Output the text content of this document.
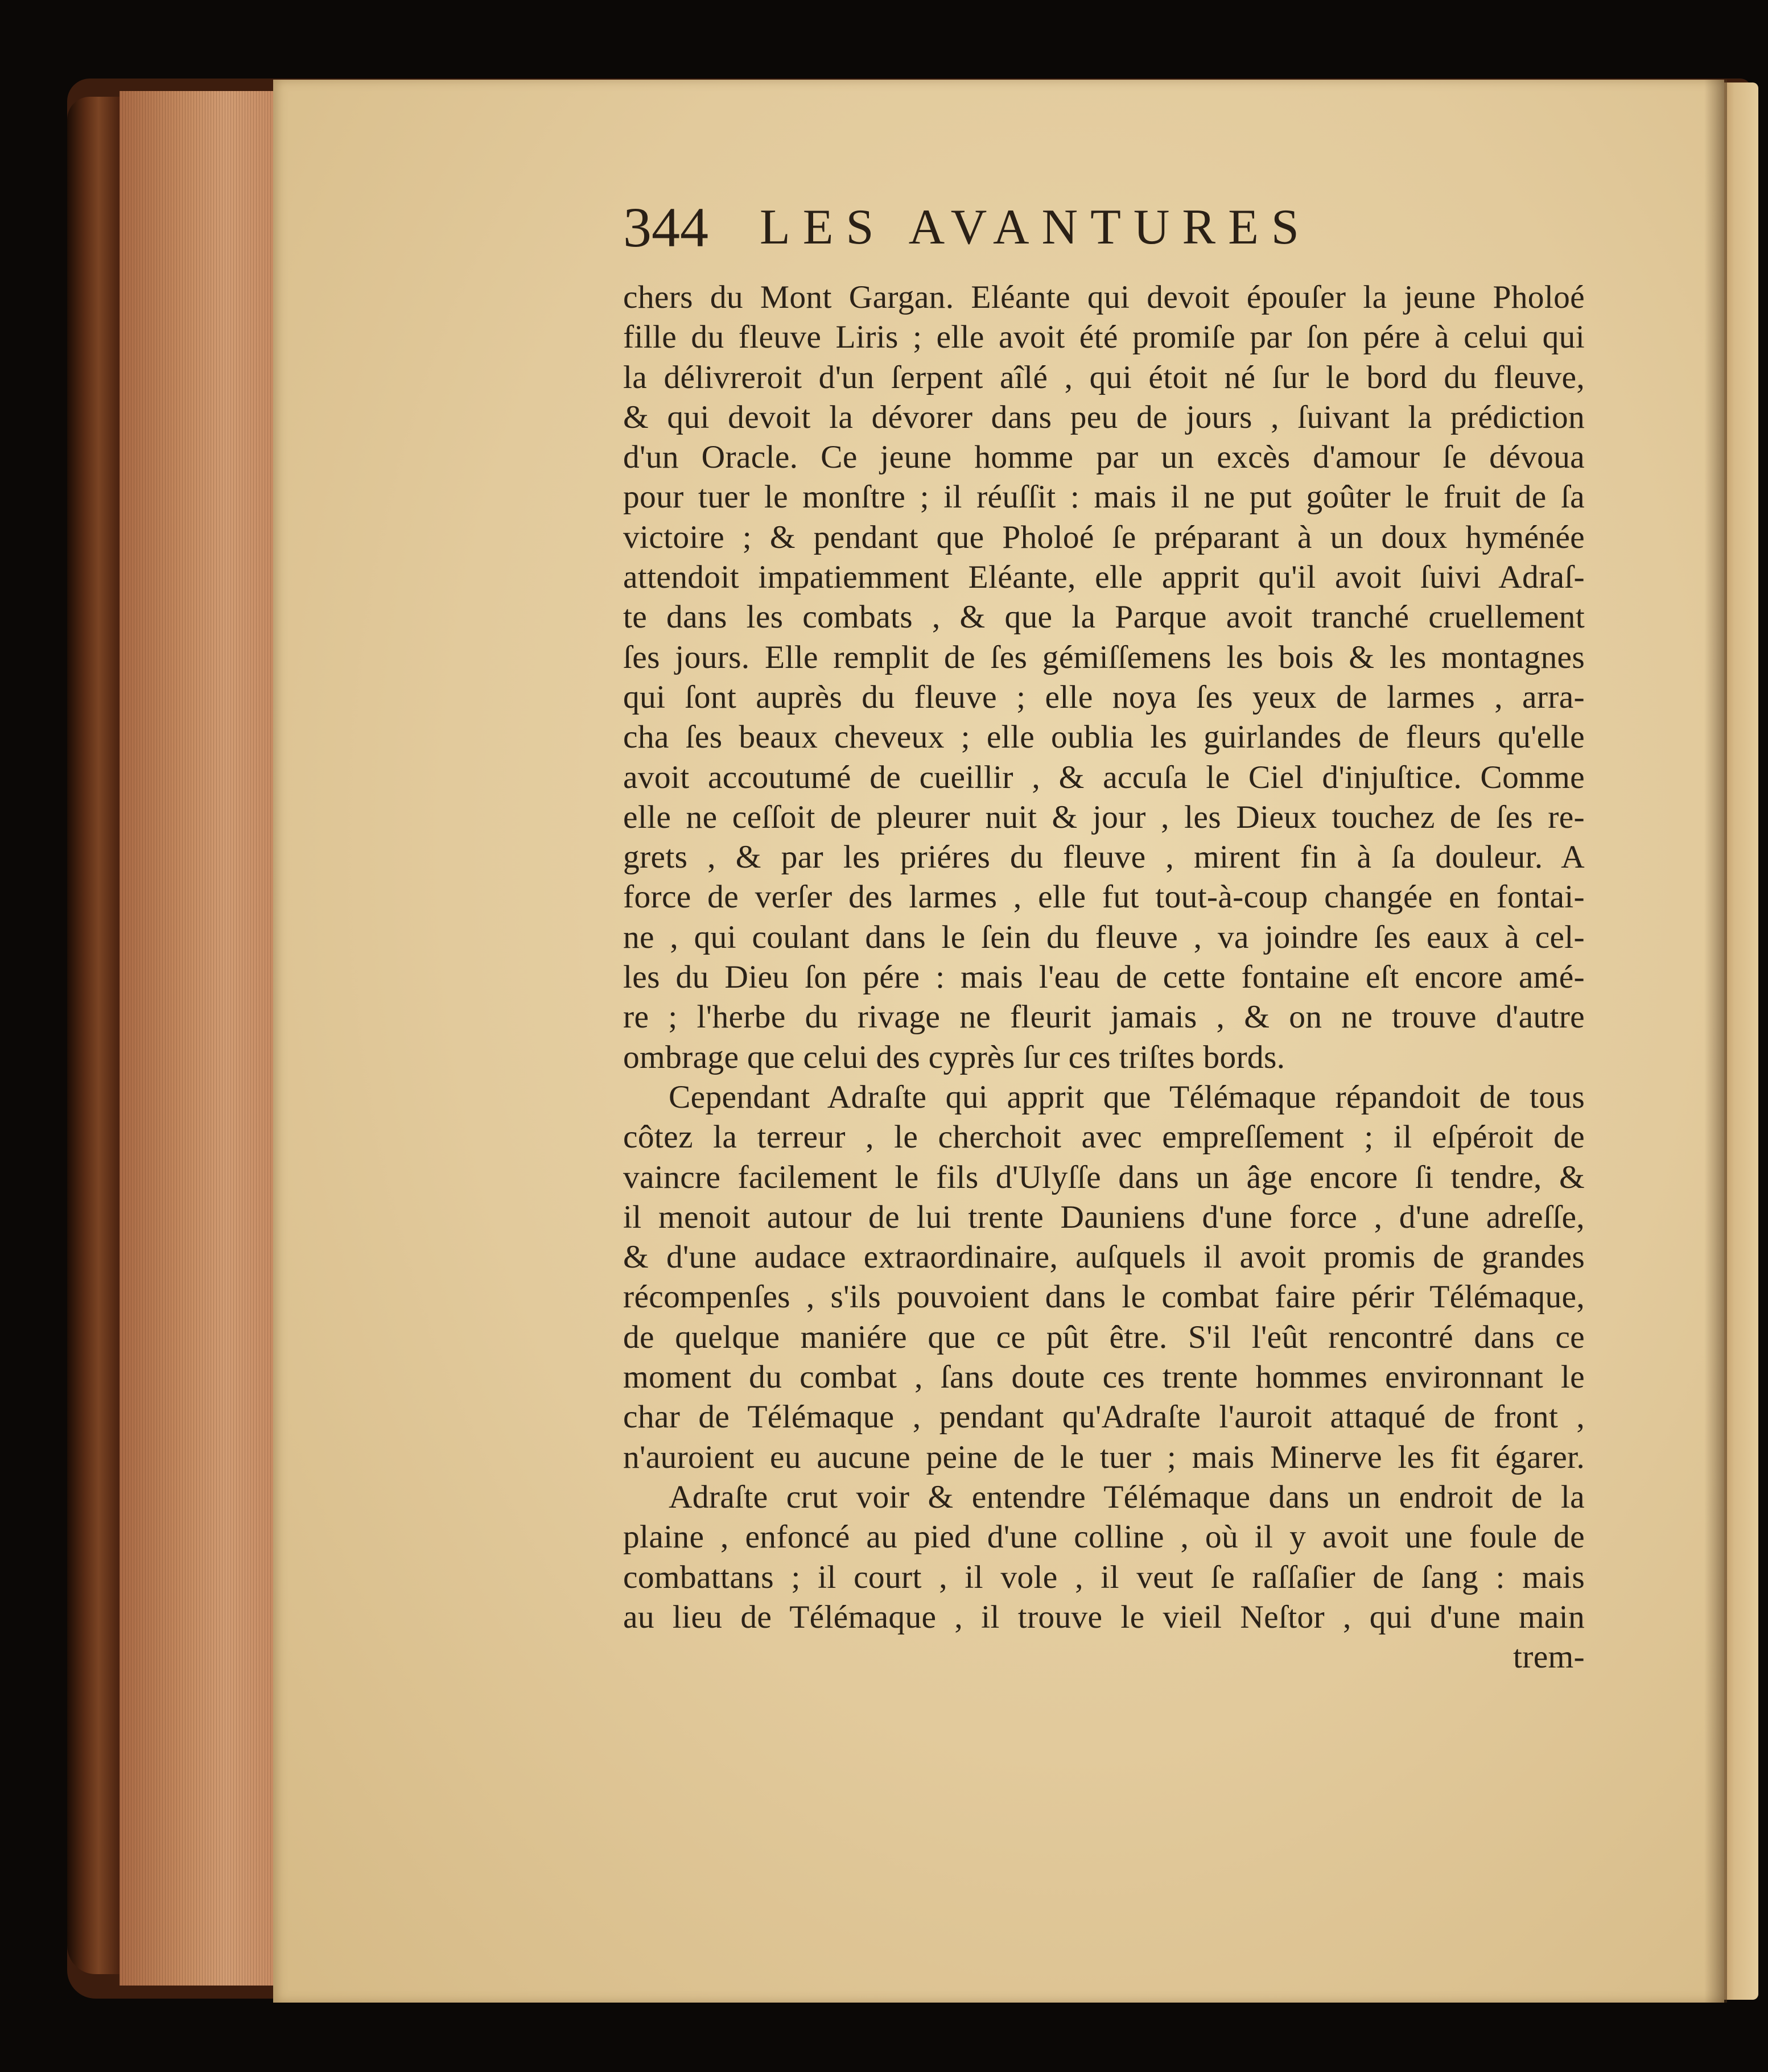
344 LES AVANTURES
chers du Mont Gargan. Eléante qui devoit épouſer la jeune Pholoé
fille du fleuve Liris ; elle avoit été promiſe par ſon pére à celui qui
la délivreroit d'un ſerpent aîlé , qui étoit né ſur le bord du fleuve,
& qui devoit la dévorer dans peu de jours , ſuivant la prédiction
d'un Oracle. Ce jeune homme par un excès d'amour ſe dévoua
pour tuer le monſtre ; il réuſſit : mais il ne put goûter le fruit de ſa
victoire ; & pendant que Pholoé ſe préparant à un doux hyménée
attendoit impatiemment Eléante, elle apprit qu'il avoit ſuivi Adraſ-
te dans les combats , & que la Parque avoit tranché cruellement
ſes jours. Elle remplit de ſes gémiſſemens les bois & les montagnes
qui ſont auprès du fleuve ; elle noya ſes yeux de larmes , arra-
cha ſes beaux cheveux ; elle oublia les guirlandes de fleurs qu'elle
avoit accoutumé de cueillir , & accuſa le Ciel d'injuſtice. Comme
elle ne ceſſoit de pleurer nuit & jour , les Dieux touchez de ſes re-
grets , & par les priéres du fleuve , mirent fin à ſa douleur. A
force de verſer des larmes , elle fut tout-à-coup changée en fontai-
ne , qui coulant dans le ſein du fleuve , va joindre ſes eaux à cel-
les du Dieu ſon pére : mais l'eau de cette fontaine eſt encore amé-
re ; l'herbe du rivage ne fleurit jamais , & on ne trouve d'autre
ombrage que celui des cyprès ſur ces triſtes bords.
Cependant Adraſte qui apprit que Télémaque répandoit de tous
côtez la terreur , le cherchoit avec empreſſement ; il eſpéroit de
vaincre facilement le fils d'Ulyſſe dans un âge encore ſi tendre, &
il menoit autour de lui trente Dauniens d'une force , d'une adreſſe,
& d'une audace extraordinaire, auſquels il avoit promis de grandes
récompenſes , s'ils pouvoient dans le combat faire périr Télémaque,
de quelque maniére que ce pût être. S'il l'eût rencontré dans ce
moment du combat , ſans doute ces trente hommes environnant le
char de Télémaque , pendant qu'Adraſte l'auroit attaqué de front ,
n'auroient eu aucune peine de le tuer ; mais Minerve les fit égarer.
Adraſte crut voir & entendre Télémaque dans un endroit de la
plaine , enfoncé au pied d'une colline , où il y avoit une foule de
combattans ; il court , il vole , il veut ſe raſſaſier de ſang : mais
au lieu de Télémaque , il trouve le vieil Neſtor , qui d'une main
trem-
